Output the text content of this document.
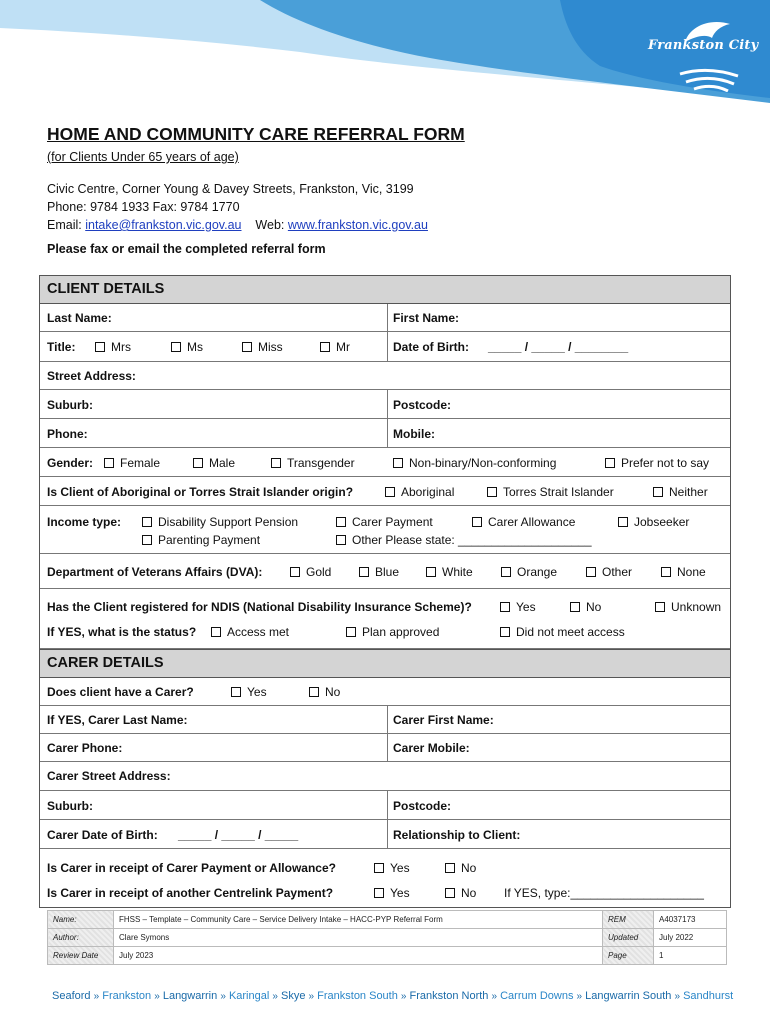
Frankston City
HOME AND COMMUNITY CARE REFERRAL FORM
(for Clients Under 65 years of age)
Civic Centre, Corner Young & Davey Streets, Frankston, Vic, 3199
Phone: 9784 1933 Fax: 9784 1770
Email: intake@frankston.vic.gov.au Web: www.frankston.vic.gov.au
Please fax or email the completed referral form
CLIENT DETAILS
Last Name:	First Name:
Title:	Mrs	Ms	Miss	Mr	Date of Birth: _____ / _____ / ________
Street Address:
Suburb:	Postcode:
Phone:	Mobile:
Gender:	Female	Male	Transgender	Non-binary/Non-conforming	Prefer not to say
Is Client of Aboriginal or Torres Strait Islander origin?	Aboriginal	Torres Strait Islander	Neither
Income type:	Disability Support Pension	Carer Payment	Carer Allowance	Jobseeker
Parenting Payment	Other Please state: ____________________
Department of Veterans Affairs (DVA):	Gold	Blue	White	Orange	Other	None
Has the Client registered for NDIS (National Disability Insurance Scheme)?	Yes	No	Unknown
If YES, what is the status?	Access met	Plan approved	Did not meet access
CARER DETAILS
Does client have a Carer?	Yes	No
If YES, Carer Last Name:	Carer First Name:
Carer Phone:	Carer Mobile:
Carer Street Address:
Suburb:	Postcode:
Carer Date of Birth: _____ / _____ / _____	Relationship to Client:
Is Carer in receipt of Carer Payment or Allowance?	Yes	No
Is Carer in receipt of another Centrelink Payment?	Yes	No If YES, type:____________________
Name:	FHSS – Template – Community Care – Service Delivery Intake – HACC-PYP Referral Form	REM	A4037173
Author:	Clare Symons	Updated	July 2022
Review Date	July 2023	Page	1
Seaford » Frankston » Langwarrin » Karingal » Skye » Frankston South » Frankston North » Carrum Downs » Langwarrin South » Sandhurst
